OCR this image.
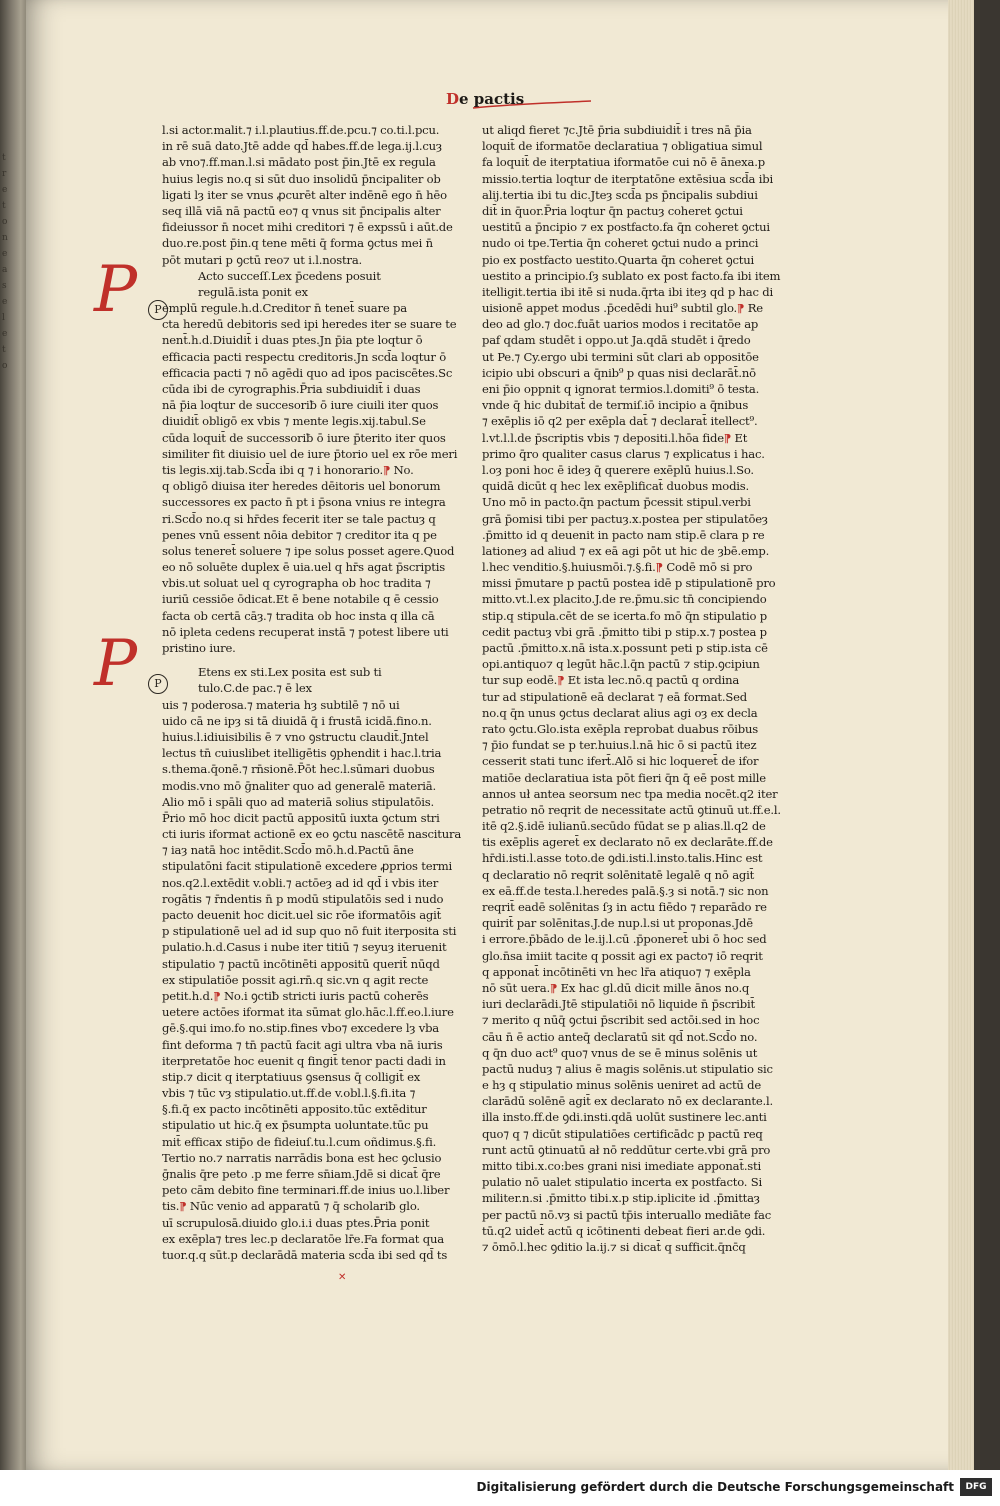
t
r
e
t
o
n
e
a
s
e
l
e
t
o
De pactis
P	P
P	P
✕
l.si actor.malit.⁊ i.l.plautius.ff.de.pcu.⁊ co.ti.l.pcu.
in rē suā dato.Jtē adde qd̄ habes.ff.de lega.ij.l.cuȝ
ab vno⁊.ff.man.l.si mādato post p̄in.Jtē ex regula
huius legis no.q si sūt duo insolidū p̄ncipaliter ob
ligati lȝ iter se vnus ꝓcurēt alter indēnē ego n̄ hēo
seq illā viā nā pactū eo⁊ q vnus sit p̄ncipalis alter
fideiussor n̄ nocet mihi creditori ⁊ ē expssū i aūt.de
duo.re.post p̄in.q tene mēti q̄ forma ꝯctus mei n̄
pōt mutari p ꝯctū reo⁊ ut i.l.nostra.
Acto succeſſ.Lex p̄cedens posuit
regulā.ista ponit ex
emplū regule.h.d.Creditor n̄ tenet̄ suare pa
cta heredū debitoris sed ipi heredes iter se suare te
nent̄.h.d.Diuidit̄ i duas ptes.Jn p̄ia pte loqtur ō
efficacia pacti respectu creditoris.Jn scd̄a loqtur ō
efficacia pacti ⁊ nō agēdi quo ad ipos paciscētes.Sc
cūda ibi de cyrographis.P̄ria subdiuidit̄ i duas
nā p̄ia loqtur de succesoriƀ ō iure ciuili iter quos
diuidit̄ obligō ex vbis ⁊ mente legis.xij.tabul.Se
cūda loquit̄ de successoriƀ ō iure p̄terito iter quos
similiter fit diuisio uel de iure p̄torio uel ex rōe meri
tis legis.xij.tab.Scd̄a ibi q ⁊ i honorario.⁋ No.
q obligō diuisa iter heredes dēitoris uel bonorum
successores ex pacto n̄ pt i p̄sona vnius re integra
ri.Scd̄o no.q si hr̄des fecerit iter se tale pactuȝ q
penes vnū essent nōia debitor ⁊ creditor ita q pe
solus teneret̄ soluere ⁊ ipe solus posset agere.Quod
eo nō soluēte duplex ē uia.uel q hr̄s agat p̄scriptis
vbis.ut soluat uel q cyrographa ob hoc tradita ⁊
iuriū cessiōe ōdicat.Et ē bene notabile q ē cessio
facta ob certā cāȝ.⁊ tradita ob hoc insta q illa cā
nō ipleta cedens recuperat instā ⁊ potest libere uti
pristino iure.
Etens ex sti.Lex posita est sub ti
tulo.C.de pac.⁊ ē lex
uis ⁊ poderosa.⁊ materia hȝ subtilē ⁊ nō ui
uido cā ne ipȝ si tā diuidā q̄ i frustā icidā.fino.n.
huius.l.idiuisibilis ē ⁊ vno ꝯstructu claudit̄.Jntel
lectus tn̄ cuiuslibet itelligētis ꝯphendit i hac.l.tria
s.thema.q̄onē.⁊ rn̄sionē.P̄ōt hec.l.sūmari duobus
modis.vno mō ḡnaliter quo ad generalē materiā.
Alio mō i spāli quo ad materiā solius stipulatōis.
P̄rio mō hoc dicit pactū appositū iuxta ꝯctum stri
cti iuris iformat actionē ex eo ꝯctu nascētē nascitura
⁊ iaȝ natā hoc intēdit.Scd̄o mō.h.d.Pactū āne
stipulatōni facit stipulationē excedere ꝓprios termi
nos.q2.l.extēdit v.obli.⁊ actōeȝ ad id qd̄ i vbis iter
rogātis ⁊ r̄ndentis n̄ p modū stipulatōis sed i nudo
pacto deuenit hoc dicit.uel sic rōe iformatōis agit̄
p stipulationē uel ad id sup quo nō fuit iterposita sti
pulatio.h.d.Casus i nube iter titiū ⁊ seyuȝ iteruenit
stipulatio ⁊ pactū incōtinēti appositū querit̄ nūqd
ex stipulatiōe possit agi.rn̄.q sic.vn q agit recte
petit.h.d.⁋ No.i ꝯctiƀ stricti iuris pactū coherēs
uetere actōes iformat ita sūmat glo.hāc.l.ff.eo.l.iure
gē.§.qui imo.fo no.stip.fines vbo⁊ excedere lȝ vba
fint deforma ⁊ tn̄ pactū facit agi ultra vba nā iuris
iterpretatōe hoc euenit q fingit̄ tenor pacti dadi in
stip.⁊ dicit q iterptatiuus ꝯsensus q̄ colligit̄ ex
vbis ⁊ tūc vȝ stipulatio.ut.ff.de v.obl.l.§.fi.ita ⁊
§.fi.q̄ ex pacto incōtinēti apposito.tūc extēditur
stipulatio ut hic.q̄ ex p̄sumpta uoluntate.tūc pu
mit̄ efficax stip̄o de fideiuſ.tu.l.cum oñdimus.§.fi.
Tertio no.⁊ narratis narrādis bona est hec ꝯclusio
ḡnalis q̄re peto .p me ferre sn̄iam.Jdē si dicat̄ q̄re
peto cām debito fine terminari.ff.de inius uo.l.liber
tis.⁋ Nūc venio ad apparatū ⁊ q̄ scholariƀ glo.
uī scrupulosā.diuido glo.i.i duas ptes.P̄ria ponit
ex exēpla⁊ tres lec.p declaratōe lr̄e.Fa format qua
tuor.q.q sūt.p declarādā materia scd̄a ibi sed qd̄ ts
ut aliqd fieret ⁊c.Jtē p̄ria subdiuidit̄ i tres nā p̄ia
loquit̄ de iformatōe declaratiua ⁊ obligatiua simul
fa loquit̄ de iterptatiua iformatōe cui nō ē ānexa.p
missio.tertia loqtur de iterptatōne extēsiua scd̄a ibi
alij.tertia ibi tu dic.Jteȝ scd̄a ps p̄ncipalis subdiui
dit̄ in q̄uor.P̄ria loqtur q̄n pactuȝ coheret ꝯctui
uestitū a p̄ncipio ⁊ ex postfacto.fa q̄n coheret ꝯctui
nudo oi tpe.Tertia q̄n coheret ꝯctui nudo a princi
pio ex postfacto uestito.Quarta q̄n coheret ꝯctui
uestito a principio.ſȝ sublato ex post facto.fa ibi item
itelligit.tertia ibi itē si nuda.q̄rta ibi iteȝ qd p hac di
uisionē appet modus .p̄cedēdi hui⁹ subtil glo.⁋ Re
deo ad glo.⁊ doc.fuāt uarios modos i recitatōe ap
paf qdam studēt i oppo.ut Ja.qdā studēt i q̄redo
ut Pe.⁊ Cy.ergo ubi termini sūt clari ab oppositōe
icipio ubi obscuri a q̄nib⁹ p quas nisi declarāt̄.nō
eni p̄io oppnit q ignorat termios.l.domiti⁹ ō testa.
vnde q̄ hic dubitat̄ de termiſ.iō incipio a q̄nibus
⁊ exēplis iō q2 per exēpla dat̄ ⁊ declarat̄ itellect⁹.
l.vt.l.l.de p̄scriptis vbis ⁊ depositi.l.hōa fide⁋ Et
primo q̄ro qualiter casus clarus ⁊ explicatus i hac.
l.oȝ poni hoc ē ideȝ q̄ querere exēplū huius.l.So.
quidā dicūt q hec lex exēplificat̄ duobus modis.
Uno mō in pacto.q̄n pactum p̄cessit stipul.verbi
grā p̄omisi tibi per pactuȝ.x.postea per stipulatōeȝ
.p̄mitto id q deuenit in pacto nam stip.ē clara p re
lationeȝ ad aliud ⁊ ex eā agi pōt ut hic de ȝbē.emp.
l.hec venditio.§.huiusmōi.⁊.§.fi.⁋ Codē mō si pro
missi p̄mutare p pactū postea idē p stipulationē pro
mitto.vt.l.ex placito.J.de re.p̄mu.sic tn̄ concipiendo
stip.q stipula.cēt de se icerta.fo mō q̄n stipulatio p
cedit pactuȝ vbi grā .p̄mitto tibi p stip.x.⁊ postea p
pactū .p̄mitto.x.nā ista.x.possunt peti p stip.ista cē
opi.antiquo⁊ q legūt hāc.l.q̄n pactū ⁊ stip.ꝯcipiun
tur sup eodē.⁋ Et ista lec.nō.q pactū q ordina
tur ad stipulationē eā declarat ⁊ eā format.Sed
no.q q̄n unus ꝯctus declarat alius agi oȝ ex decla
rato ꝯctu.Glo.ista exēpla reprobat duabus rōibus
⁊ p̄io fundat se p ter.huius.l.nā hic ō si pactū itez
cesserit stati tunc ifert̄.Alō si hic loqueret̄ de ifor
matiōe declaratiua ista pōt fieri q̄n q̄ eē post mille
annos uł antea seorsum nec tpa media nocēt.q2 iter
petratio nō reqrit de necessitate actū ꝯtinuū ut.ff.e.l.
itē q2.§.idē iulianū.secūdo fūdat se p alias.ll.q2 de
tis exēplis ageret̄ ex declarato nō ex declarāte.ff.de
hr̄di.isti.l.asse toto.de ꝯdi.isti.l.insto.talis.Hinc est
q declaratio nō reqrit solēnitatē legalē q nō agit̄
ex eā.ff.de testa.l.heredes palā.§.ȝ si notā.⁊ sic non
reqrit̄ eadē solēnitas ſȝ in actu fiēdo ⁊ reparādo re
quirit̄ par solēnitas.J.de nup.l.si ut proponas.Jdē
i errore.p̄bādo de le.ij.l.cū .p̄poneret̄ ubi ō hoc sed
glo.n̄sa imiit tacite q possit agi ex pacto⁊ iō reqrit
q apponat̄ incōtinēti vn hec lr̄a atiquo⁊ ⁊ exēpla
nō sūt uera.⁋ Ex hac gl.dū dicit mille ānos no.q
iuri declarādi.Jtē stipulatiōi nō liquide n̄ p̄scribit̄
⁊ merito q nūq̄ ꝯctui p̄scribit sed actōi.sed in hoc
cāu n̄ ē actio anteq̄ declaratū sit qd̄ not.Scd̄o no.
q q̄n duo act⁹ quo⁊ vnus de se ē minus solēnis ut
pactū nuduȝ ⁊ alius ē magis solēnis.ut stipulatio sic
e hȝ q stipulatio minus solēnis ueniret ad actū de
clarādū solēnē agit̄ ex declarato nō ex declarante.l.
illa insto.ff.de ꝯdi.insti.qdā uolūt sustinere lec.anti
quo⁊ q ⁊ dicūt stipulatiōes certificādc p pactū req
runt actū ꝯtinuatū ał nō reddūtur certe.vbi grā pro
mitto tibi.x.co:bes grani nisi imediate apponat̄.sti
pulatio nō ualet stipulatio incerta ex postfacto. Si
militer.n.si .p̄mitto tibi.x.p stip.iplicite id .p̄mittaȝ
per pactū nō.vȝ si pactū tp̄is interuallo mediāte fac
tū.q2 uidet̄ actū q icōtinenti debeat fieri ar.de ꝯdi.
⁊ ōmō.l.hec ꝯditio la.ij.⁊ si dicat̄ q sufficit.q̄nc̄q
Digitalisierung gefördert durch die Deutsche Forschungsgemeinschaft	DFG
